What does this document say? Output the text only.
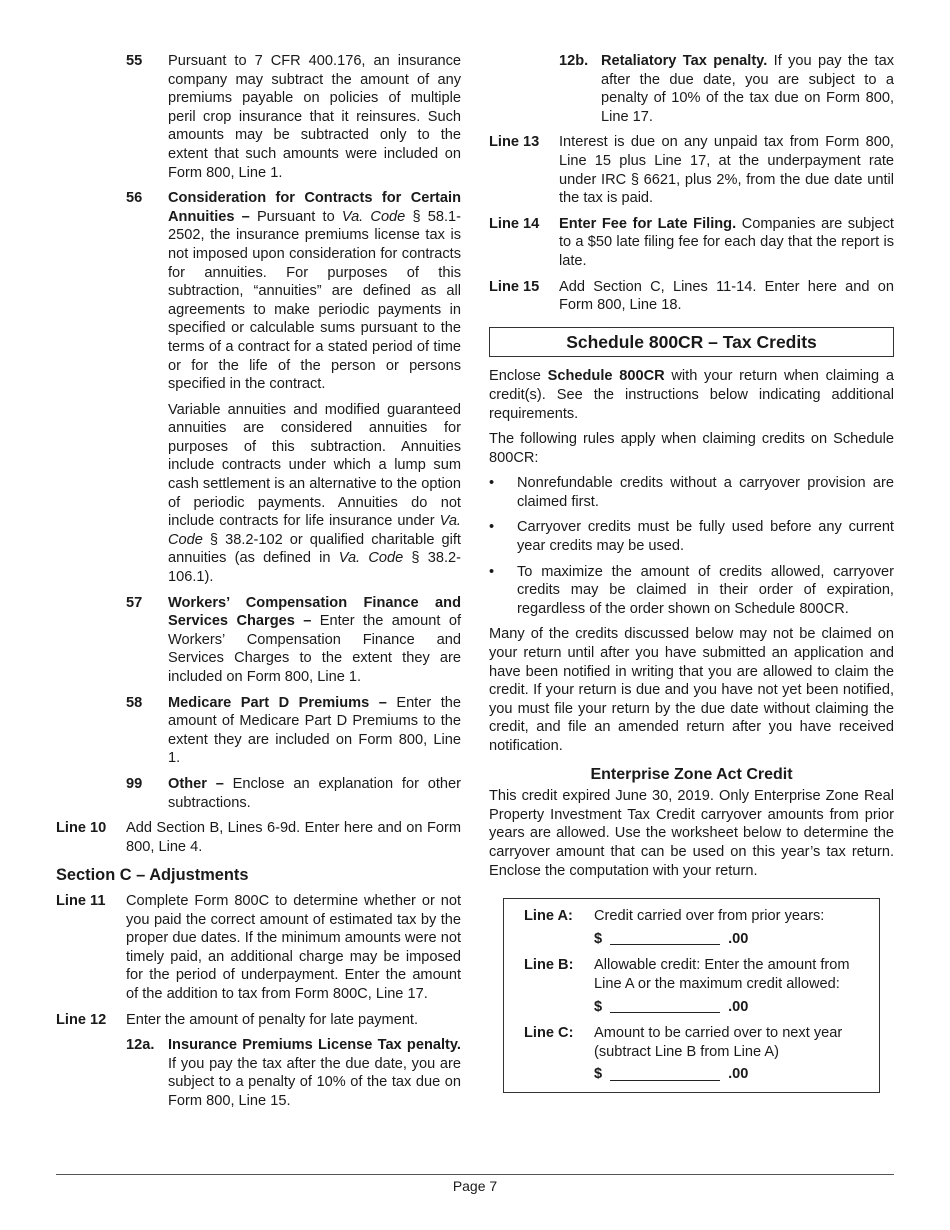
55	Pursuant to 7 CFR 400.176, an insurance company may subtract the amount of any premiums payable on policies of multiple peril crop insurance that it reinsures. Such amounts may be subtracted only to the extent that such amounts were included on Form 800, Line 1.

56	Consideration for Contracts for Certain Annuities – Pursuant to Va. Code § 58.1-2502, the insurance premiums license tax is not imposed upon consideration for contracts for annuities. For purposes of this subtraction, “annuities” are defined as all agreements to make periodic payments in specified or calculable sums pursuant to the terms of a contract for a stated period of time or for the life of the person or persons specified in the contract.

Variable annuities and modified guaranteed annuities are considered annuities for purposes of this subtraction. Annuities include contracts under which a lump sum cash settlement is an alternative to the option of periodic payments. Annuities do not include contracts for life insurance under Va. Code § 38.2-102 or qualified charitable gift annuities (as defined in Va. Code § 38.2-106.1).

57	Workers’ Compensation Finance and Services Charges – Enter the amount of Workers’ Compensation Finance and Services Charges to the extent they are included on Form 800, Line 1.

58	Medicare Part D Premiums – Enter the amount of Medicare Part D Premiums to the extent they are included on Form 800, Line 1.

99	Other – Enclose an explanation for other subtractions.

Line 10	Add Section B, Lines 6-9d. Enter here and on Form 800, Line 4.

Section C – Adjustments
Line 11	Complete Form 800C to determine whether or not you paid the correct amount of estimated tax by the proper due dates. If the minimum amounts were not timely paid, an additional charge may be imposed for the period of underpayment. Enter the amount of the addition to tax from Form 800C, Line 17.

Line 12	Enter the amount of penalty for late payment.

12a. Insurance Premiums License Tax penalty. If you pay the tax after the due date, you are subject to a penalty of 10% of the tax due on Form 800, Line 15.

12b. Retaliatory Tax penalty. If you pay the tax after the due date, you are subject to a penalty of 10% of the tax due on Form 800, Line 17.

Line 13	Interest is due on any unpaid tax from Form 800, Line 15 plus Line 17, at the underpayment rate under IRC § 6621, plus 2%, from the due date until the tax is paid.

Line 14	Enter Fee for Late Filing. Companies are subject to a $50 late filing fee for each day that the report is late.

Line 15	Add Section C, Lines 11-14. Enter here and on Form 800, Line 18.

Schedule 800CR – Tax Credits

Enclose Schedule 800CR with your return when claiming a credit(s). See the instructions below indicating additional requirements.

The following rules apply when claiming credits on Schedule 800CR:

•	Nonrefundable credits without a carryover provision are claimed first.

•	Carryover credits must be fully used before any current year credits may be used.

•	To maximize the amount of credits allowed, carryover credits may be claimed in their order of expiration, regardless of the order shown on Schedule 800CR.

Many of the credits discussed below may not be claimed on your return until after you have submitted an application and have been notified in writing that you are allowed to claim the credit. If your return is due and you have not yet been notified, you must file your return by the due date without claiming the credit, and file an amended return after you have received notification.

Enterprise Zone Act Credit

This credit expired June 30, 2019. Only Enterprise Zone Real Property Investment Tax Credit carryover amounts from prior years are allowed. Use the worksheet below to determine the carryover amount that can be used on this year’s tax return. Enclose the computation with your return.

Line A:	Credit carried over from prior years:
$	.00
Line B:	Allowable credit: Enter the amount from Line A or the maximum credit allowed:
$	.00
Line C:	Amount to be carried over to next year (subtract Line B from Line A)
$	.00
Page 7
